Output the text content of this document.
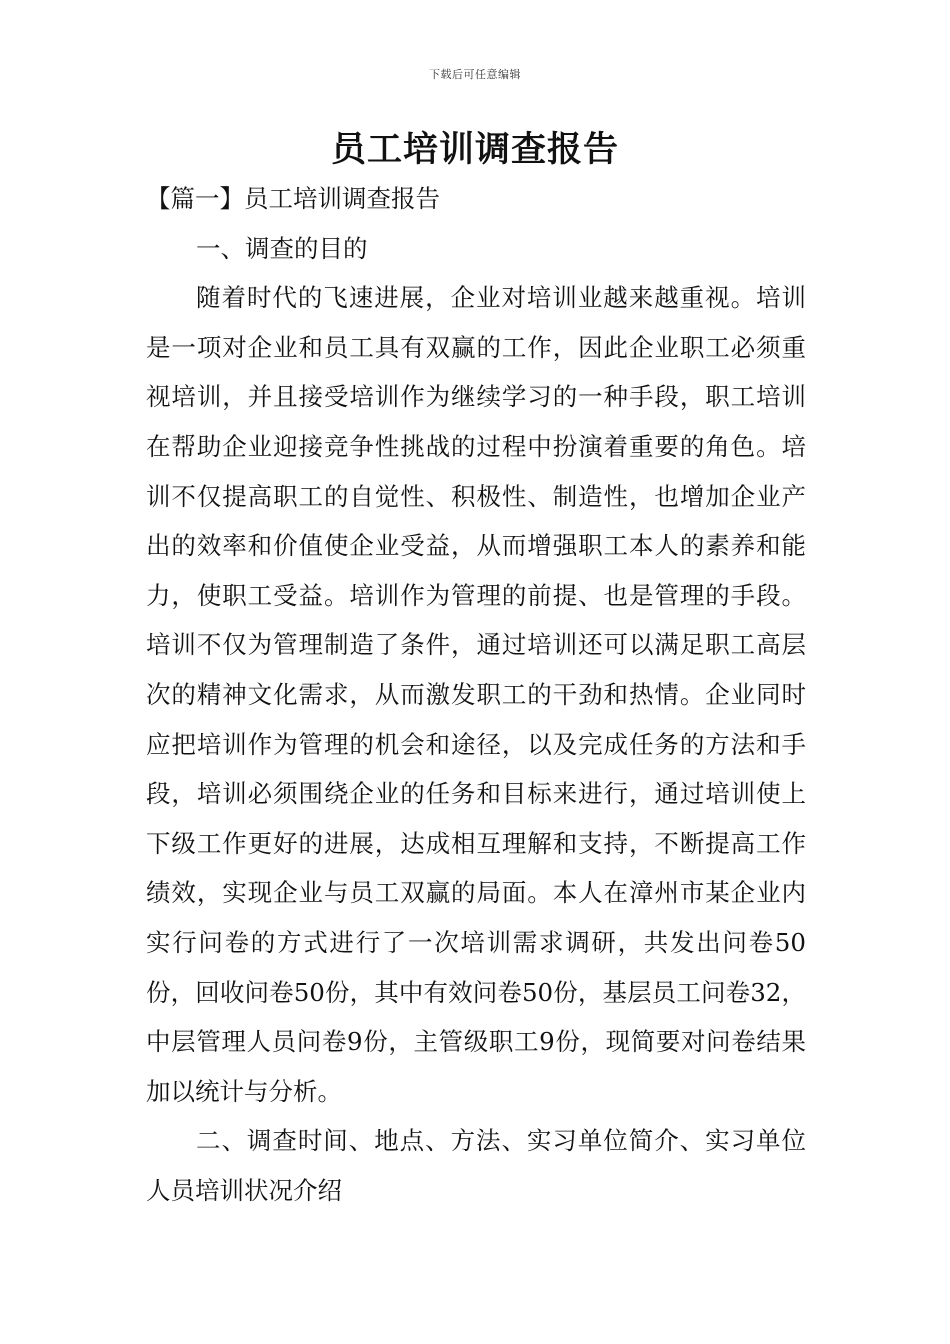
下载后可任意编辑
员工培训调查报告

【篇一】员工培训调查报告

一、调查的目的

随着时代的飞速进展，企业对培训业越来越重视。培训是一项对企业和员工具有双赢的工作，因此企业职工必须重视培训，并且接受培训作为继续学习的一种手段，职工培训在帮助企业迎接竞争性挑战的过程中扮演着重要的角色。培训不仅提高职工的自觉性、积极性、制造性，也增加企业产出的效率和价值使企业受益，从而增强职工本人的素养和能力，使职工受益。培训作为管理的前提、也是管理的手段。培训不仅为管理制造了条件，通过培训还可以满足职工高层次的精神文化需求，从而激发职工的干劲和热情。企业同时应把培训作为管理的机会和途径，以及完成任务的方法和手段，培训必须围绕企业的任务和目标来进行，通过培训使上下级工作更好的进展，达成相互理解和支持，不断提高工作绩效，实现企业与员工双赢的局面。本人在漳州市某企业内实行问卷的方式进行了一次培训需求调研，共发出问卷50份，回收问卷50份，其中有效问卷50份，基层员工问卷32，中层管理人员问卷9份，主管级职工9份，现简要对问卷结果加以统计与分析。

二、调查时间、地点、方法、实习单位简介、实习单位人员培训状况介绍
